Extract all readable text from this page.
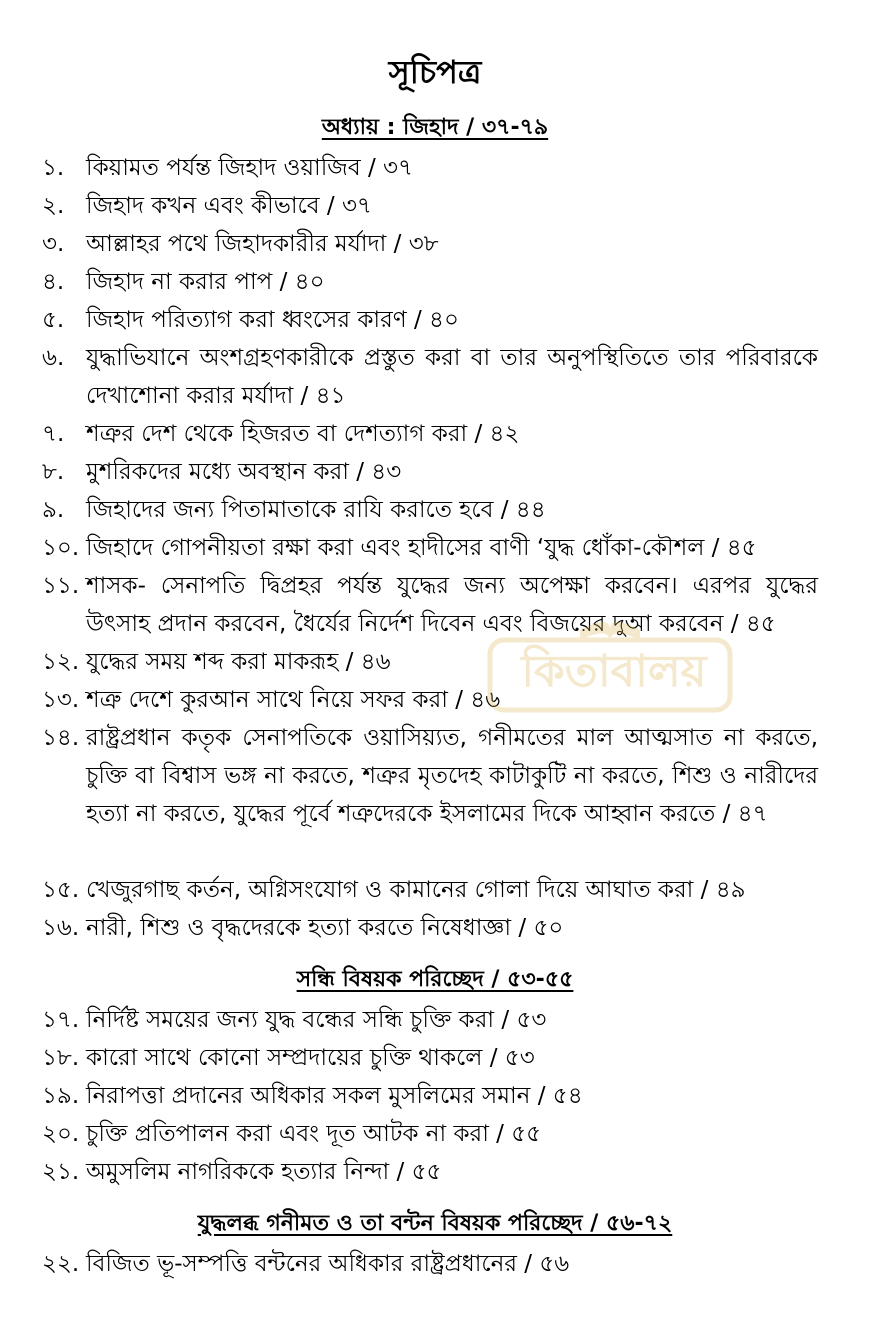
সূচিপত্র
অধ্যায় : জিহাদ / ৩৭-৭৯
১. কিয়ামত পর্যন্ত জিহাদ ওয়াজিব / ৩৭
২. জিহাদ কখন এবং কীভাবে / ৩৭
৩. আল্লাহর পথে জিহাদকারীর মর্যাদা / ৩৮
৪. জিহাদ না করার পাপ / ৪০
৫. জিহাদ পরিত্যাগ করা ধ্বংসের কারণ / ৪০
৬. যুদ্ধাভিযানে অংশগ্রহণকারীকে প্রস্তুত করা বা তার অনুপস্থিতিতে তার পরিবারকে দেখাশোনা করার মর্যাদা / ৪১
৭. শত্রুর দেশ থেকে হিজরত বা দেশত্যাগ করা / ৪২
৮. মুশরিকদের মধ্যে অবস্থান করা / ৪৩
৯. জিহাদের জন্য পিতামাতাকে রাযি করাতে হবে / ৪৪
১০. জিহাদে গোপনীয়তা রক্ষা করা এবং হাদীসের বাণী ‘যুদ্ধ ধোঁকা-কৌশল / ৪৫
১১. শাসক- সেনাপতি দ্বিপ্রহর পর্যন্ত যুদ্ধের জন্য অপেক্ষা করবেন। এরপর যুদ্ধের উৎসাহ প্রদান করবেন, ধৈর্যের নির্দেশ দিবেন এবং বিজয়ের দুআ করবেন / ৪৫
১২. যুদ্ধের সময় শব্দ করা মাকরূহ / ৪৬
১৩. শত্রু দেশে কুরআন সাথে নিয়ে সফর করা / ৪৬
১৪. রাষ্ট্রপ্রধান কতৃক সেনাপতিকে ওয়াসিয়্যত, গনীমতের মাল আত্মসাত না করতে, চুক্তি বা বিশ্বাস ভঙ্গ না করতে, শত্রুর মৃতদেহ কাটাকুটি না করতে, শিশু ও নারীদের হত্যা না করতে, যুদ্ধের পূর্বে শত্রুদেরকে ইসলামের দিকে আহ্বান করতে / ৪৭
১৫. খেজুরগাছ কর্তন, অগ্নিসংযোগ ও কামানের গোলা দিয়ে আঘাত করা / ৪৯
১৬. নারী, শিশু ও বৃদ্ধদেরকে হত্যা করতে নিষেধাজ্ঞা / ৫০
সন্ধি বিষয়ক পরিচ্ছেদ / ৫৩-৫৫
১৭. নির্দিষ্ট সময়ের জন্য যুদ্ধ বন্ধের সন্ধি চুক্তি করা / ৫৩
১৮. কারো সাথে কোনো সম্প্রদায়ের চুক্তি থাকলে / ৫৩
১৯. নিরাপত্তা প্রদানের অধিকার সকল মুসলিমের সমান / ৫৪
২০. চুক্তি প্রতিপালন করা এবং দূত আটক না করা / ৫৫
২১. অমুসলিম নাগরিককে হত্যার নিন্দা / ৫৫
যুদ্ধলব্ধ গনীমত ও তা বন্টন বিষয়ক পরিচ্ছেদ / ৫৬-৭২
২২. বিজিত ভূ-সম্পত্তি বন্টনের অধিকার রাষ্ট্রপ্রধানের / ৫৬
কিতাবালয়
